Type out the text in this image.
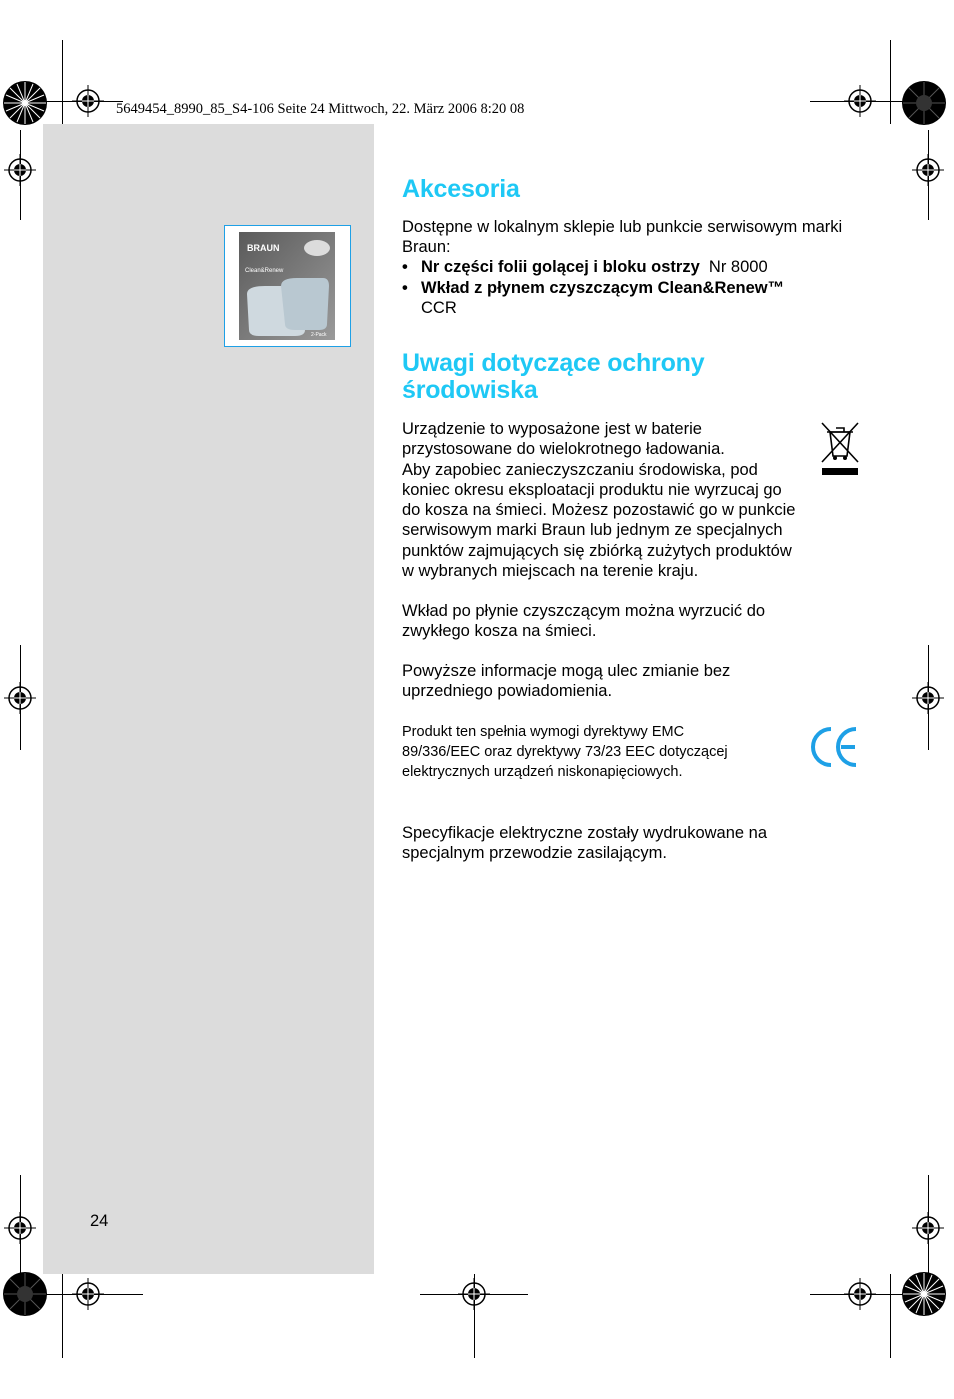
5649454_8990_85_S4-106 Seite 24 Mittwoch, 22. März 2006 8:20 08
BRAUN
Clean&Renew
2-Pack
Akcesoria

Dostępne w lokalnym sklepie lub punkcie serwisowym marki Braun:

• Nr części folii golącej i bloku ostrzy Nr 8000
• Wkład z płynem czyszczącym Clean&Renew™
CCR
Uwagi dotyczące ochrony
środowiska

Urządzenie to wyposażone jest w baterie
przystosowane do wielokrotnego ładowania.
Aby zapobiec zanieczyszczaniu środowiska, pod
koniec okresu eksploatacji produktu nie wyrzucaj go
do kosza na śmieci. Możesz pozostawić go w punkcie
serwisowym marki Braun lub jednym ze specjalnych
punktów zajmujących się zbiórką zużytych produktów
w wybranych miejscach na terenie kraju.

Wkład po płynie czyszczącym można wyrzucić do
zwykłego kosza na śmieci.

Powyższe informacje mogą ulec zmianie bez
uprzedniego powiadomienia.

Produkt ten spełnia wymogi dyrektywy EMC
89/336/EEC oraz dyrektywy 73/23 EEC dotyczącej
elektrycznych urządzeń niskonapięciowych.

Specyfikacje elektryczne zostały wydrukowane na
specjalnym przewodzie zasilającym.

24
